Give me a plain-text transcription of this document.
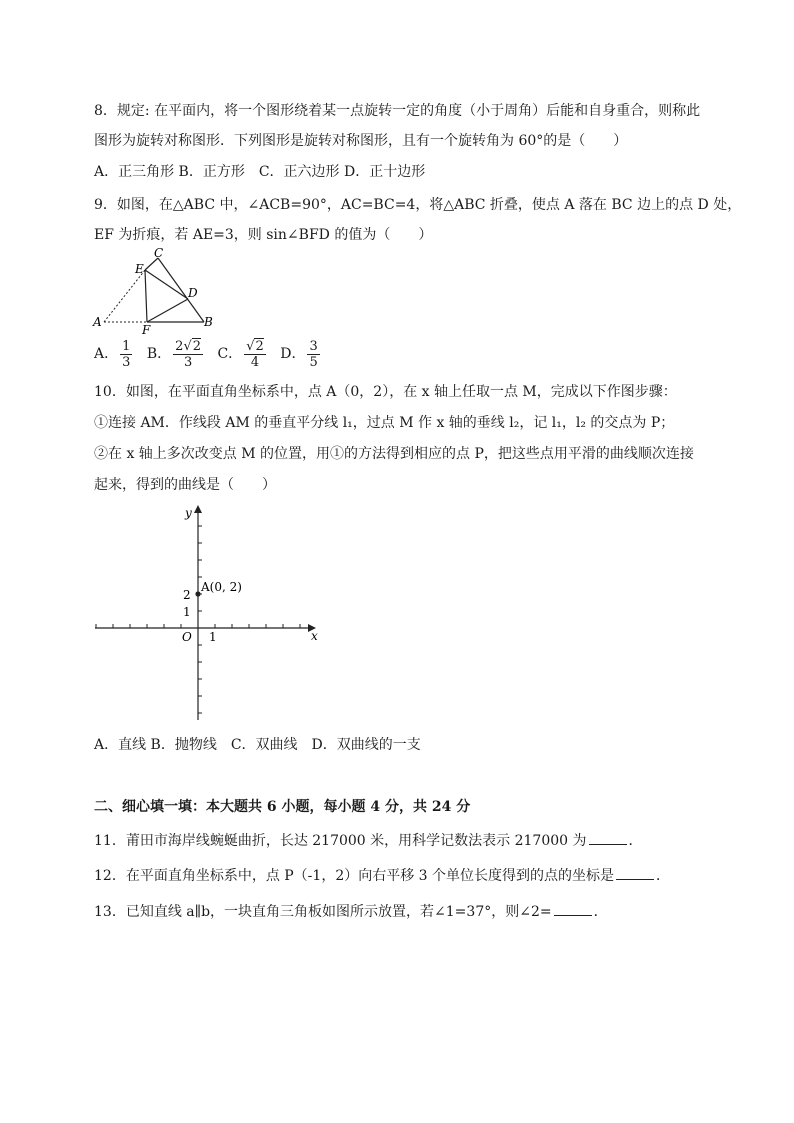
8．规定: 在平面内，将一个图形绕着某一点旋转一定的角度（小于周角）后能和自身重合，则称此
图形为旋转对称图形．下列图形是旋转对称图形，且有一个旋转角为 60°的是（　　）
A．正三角形 B．正方形　C．正六边形 D．正十边形
9．如图，在△ABC 中，∠ACB=90°，AC=BC=4，将△ABC 折叠，使点 A 落在 BC 边上的点 D 处，
EF 为折痕，若 AE=3，则 sin∠BFD 的值为（　　）
C
E
D
A
F
B
A． $\frac{1}{3}$ B． $\frac{2√2}{3}$ C． $\frac{√2}{4}$ D． $\frac{3}{5}$
10．如图，在平面直角坐标系中，点 A（0，2），在 x 轴上任取一点 M，完成以下作图步骤：
①连接 AM．作线段 AM 的垂直平分线 l₁，过点 M 作 x 轴的垂线 l₂，记 l₁，l₂ 的交点为 P；
②在 x 轴上多次改变点 M 的位置，用①的方法得到相应的点 P，把这些点用平滑的曲线顺次连接
起来，得到的曲线是（　　）
y
x
O
A(0, 2)
2
1
1
A．直线 B．抛物线　C．双曲线　D．双曲线的一支
二、细心填一填：本大题共 6 小题，每小题 4 分，共 24 分
11．莆田市海岸线蜿蜒曲折，长达 217000 米，用科学记数法表示 217000 为	．
12．在平面直角坐标系中，点 P（-1，2）向右平移 3 个单位长度得到的点的坐标是	．
13．已知直线 a∥b，一块直角三角板如图所示放置，若∠1=37°，则∠2=	．
